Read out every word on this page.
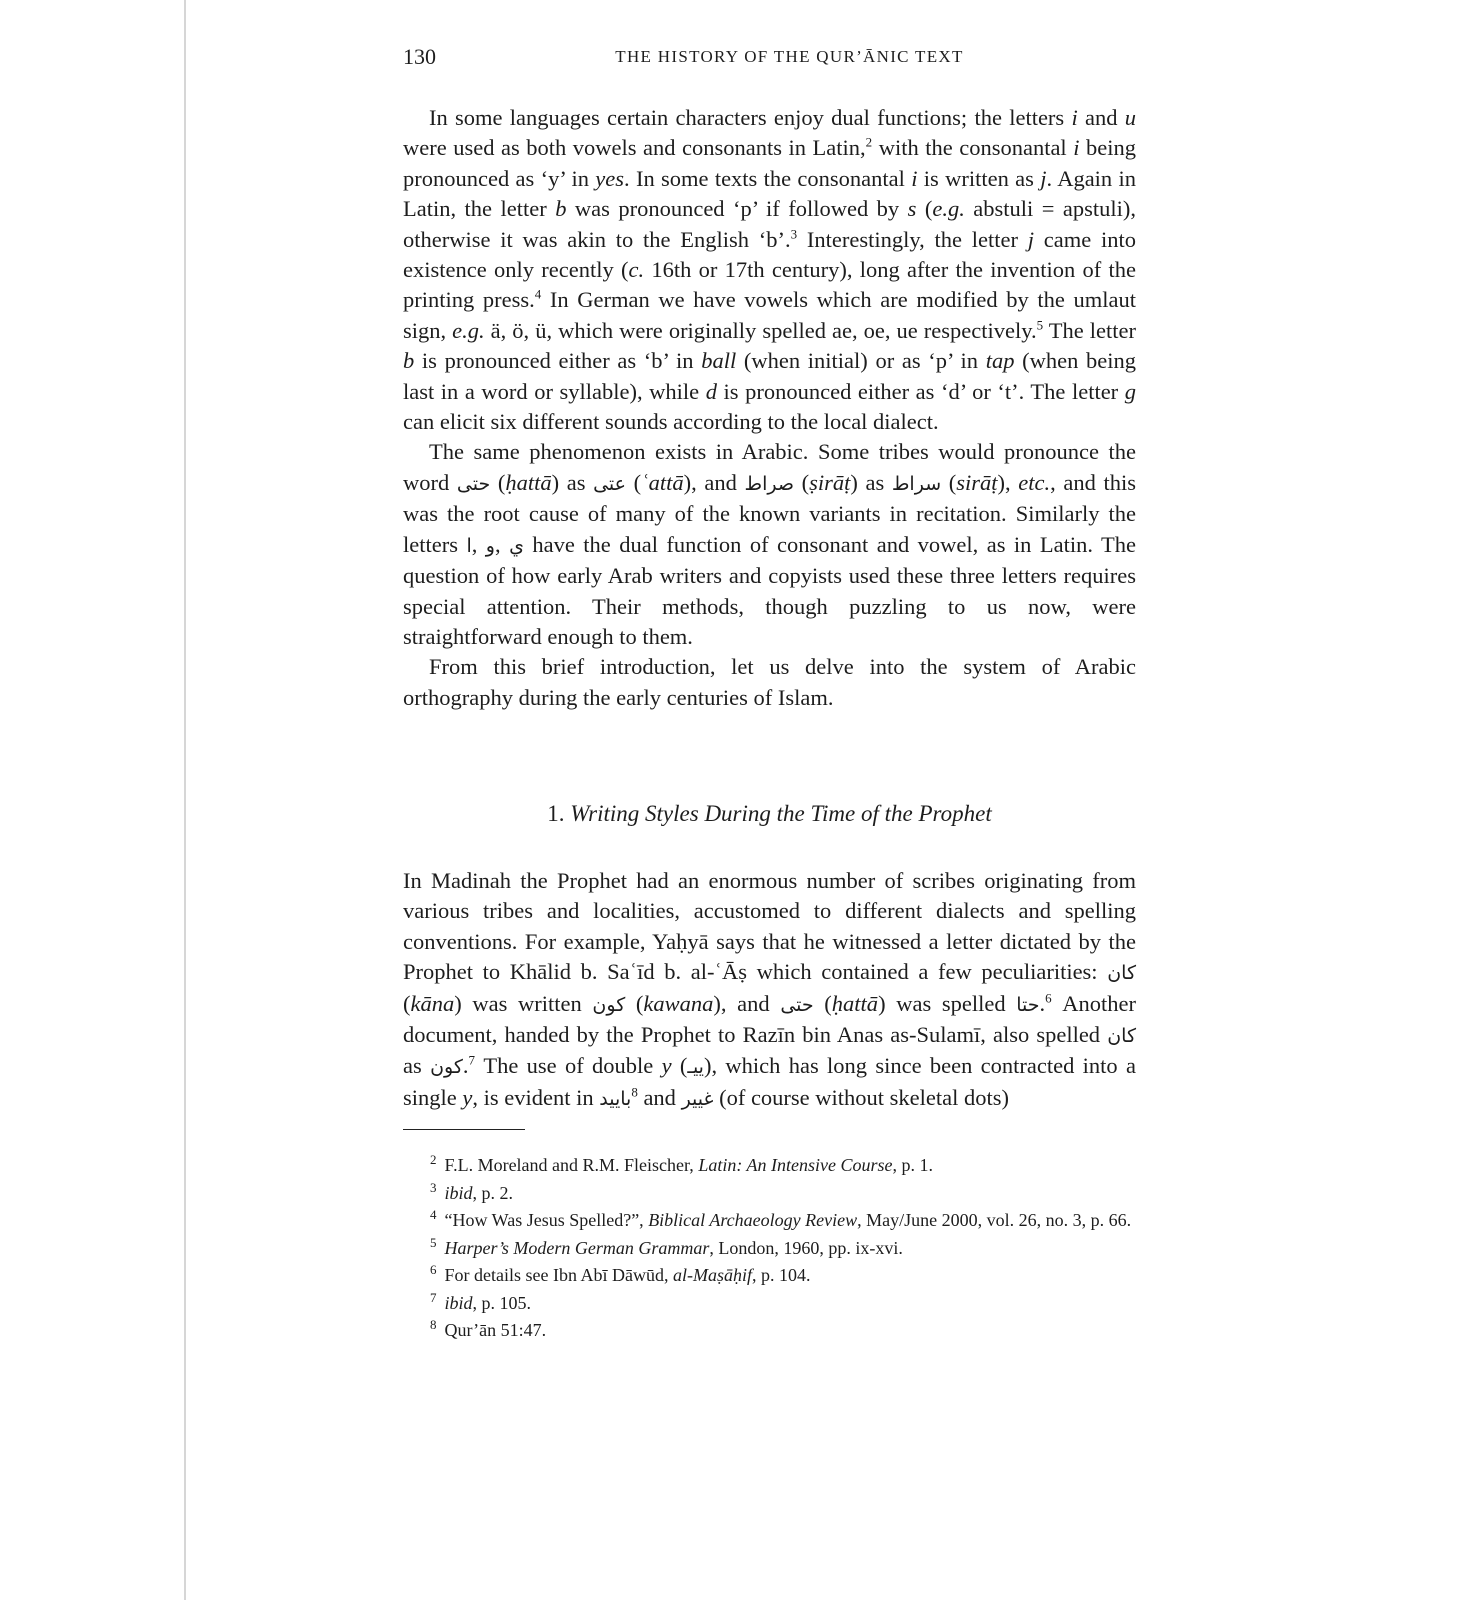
130	THE HISTORY OF THE QUR’ĀNIC TEXT

In some languages certain characters enjoy dual functions; the letters i and u were used as both vowels and consonants in Latin,$^2$ with the consonantal i being pronounced as ‘y’ in yes. In some texts the consonantal i is written as j. Again in Latin, the letter b was pronounced ‘p’ if followed by s (e.g. abstuli = apstuli), otherwise it was akin to the English ‘b’.$^3$ Interestingly, the letter j came into existence only recently (c. 16th or 17th century), long after the invention of the printing press.$^4$ In German we have vowels which are modified by the umlaut sign, e.g. ä, ö, ü, which were originally spelled ae, oe, ue respectively.$^5$ The letter b is pronounced either as ‘b’ in ball (when initial) or as ‘p’ in tap (when being last in a word or syllable), while d is pronounced either as ‘d’ or ‘t’. The letter g can elicit six different sounds according to the local dialect.

The same phenomenon exists in Arabic. Some tribes would pronounce the word حتى (ḥattā) as عتى (ʿattā), and صراط (ṣirāṭ) as سراط (sirāṭ), etc., and this was the root cause of many of the known variants in recitation. Similarly the letters ا, و, ي have the dual function of consonant and vowel, as in Latin. The question of how early Arab writers and copyists used these three letters requires special attention. Their methods, though puzzling to us now, were straightforward enough to them.

From this brief introduction, let us delve into the system of Arabic orthography during the early centuries of Islam.

1. Writing Styles During the Time of the Prophet

In Madinah the Prophet had an enormous number of scribes originating from various tribes and localities, accustomed to different dialects and spelling conventions. For example, Yaḥyā says that he witnessed a letter dictated by the Prophet to Khālid b. Saʿīd b. al-ʿĀṣ which contained a few peculiarities: كان (kāna) was written كون (kawana), and حتى (ḥattā) was spelled حتا.$^6$ Another document, handed by the Prophet to Razīn bin Anas as-Sulamī, also spelled كان as كون.$^7$ The use of double y (ييـ), which has long since been contracted into a single y, is evident in باييد$^8$ and غيير (of course without skeletal dots)

$^2$ F.L. Moreland and R.M. Fleischer, Latin: An Intensive Course, p. 1.

$^3$ ibid, p. 2.

$^4$ “How Was Jesus Spelled?”, Biblical Archaeology Review, May/June 2000, vol. 26, no. 3, p. 66.

$^5$ Harper’s Modern German Grammar, London, 1960, pp. ix-xvi.

$^6$ For details see Ibn Abī Dāwūd, al-Maṣāḥif, p. 104.

$^7$ ibid, p. 105.

$^8$ Qur’ān 51:47.
